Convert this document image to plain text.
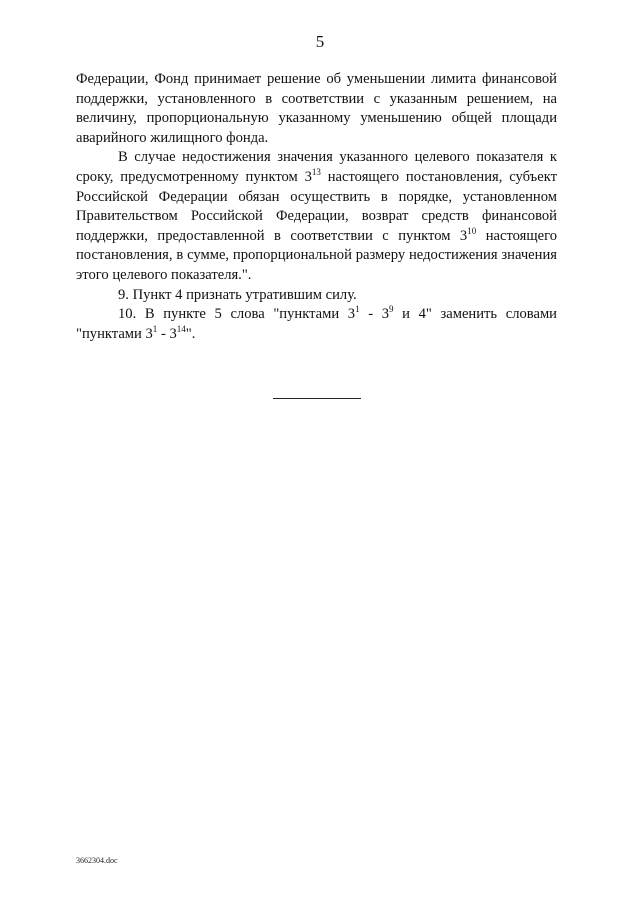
5

Федерации, Фонд принимает решение об уменьшении лимита финансовой поддержки, установленного в соответствии с указанным решением, на величину, пропорциональную указанному уменьшению общей площади аварийного жилищного фонда.

В случае недостижения значения указанного целевого показателя к сроку, предусмотренному пунктом $3^{13}$ настоящего постановления, субъект Российской Федерации обязан осуществить в порядке, установленном Правительством Российской Федерации, возврат средств финансовой поддержки, предоставленной в соответствии с пунктом $3^{10}$ настоящего постановления, в сумме, пропорциональной размеру недостижения значения этого целевого показателя.".

9. Пункт 4 признать утратившим силу.

10. В пункте 5 слова "пунктами $3^1 - 3^9$ и 4" заменить словами "пунктами $3^1 - 3^{14}$".

3662304.doc
